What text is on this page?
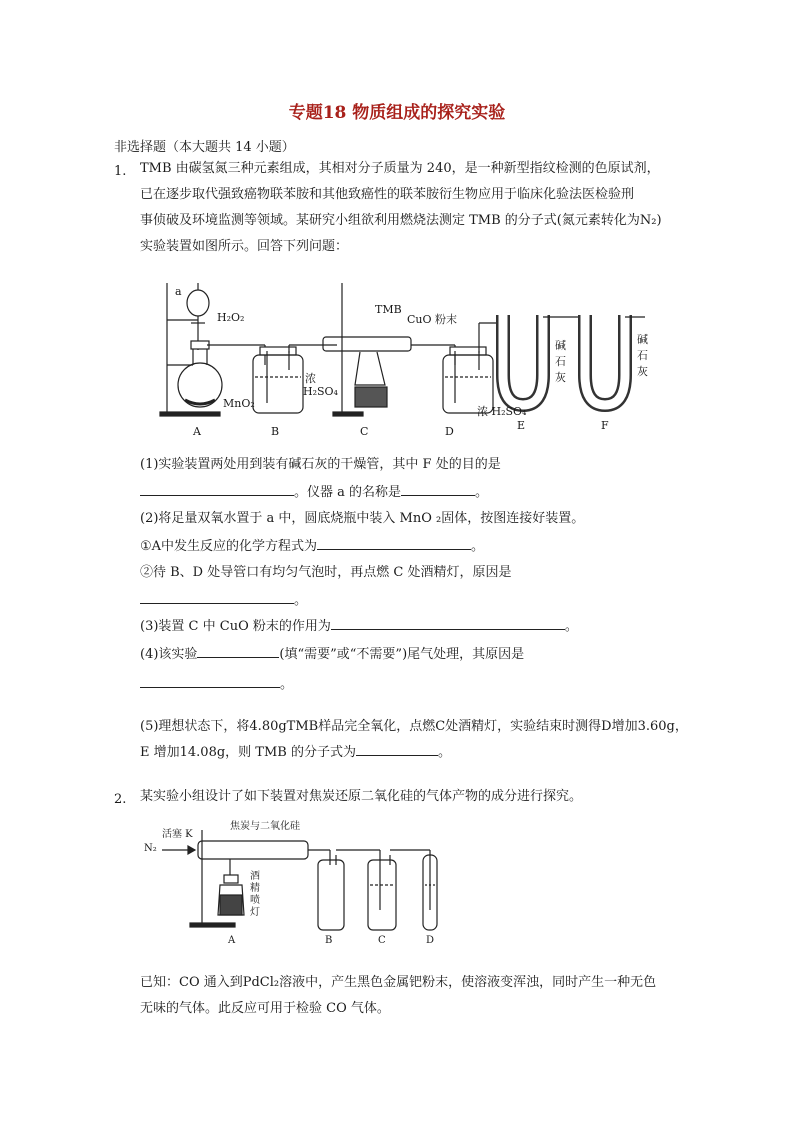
专题18 物质组成的探究实验
非选择题（本大题共 14 小题）
1. TMB 由碳氢氮三种元素组成，其相对分子质量为 240，是一种新型指纹检测的色原试剂，
已在逐步取代强致癌物联苯胺和其他致癌性的联苯胺衍生物应用于临床化验法医检验刑
事侦破及环境监测等领域。某研究小组欲利用燃烧法测定 TMB 的分子式(氮元素转化为N₂)
实验装置如图所示。回答下列问题：
a
H₂O₂
MnO₂
浓
H₂SO₄
TMB
CuO 粉末
浓 H₂SO₄
碱
石
灰
碱
石
灰
A	B	C	D	E	F
(1)实验装置两处用到装有碱石灰的干燥管，其中 F 处的目的是
。仪器 a 的名称是	。
(2)将足量双氧水置于 a 中，圆底烧瓶中装入 MnO ₂固体，按图连接好装置。
①A中发生反应的化学方程式为	。
②待 B、D 处导管口有均匀气泡时，再点燃 C 处酒精灯，原因是
。
(3)装置 C 中 CuO 粉末的作用为	。
(4)该实验	(填“需要”或“不需要”)尾气处理，其原因是
。
(5)理想状态下，将4.80gTMB样品完全氧化，点燃C处酒精灯，实验结束时测得D增加3.60g，
E 增加14.08g，则 TMB 的分子式为	。
2. 某实验小组设计了如下装置对焦炭还原二氧化硅的气体产物的成分进行探究。
活塞 K
焦炭与二氧化硅
N₂
酒
精
喷
灯
A	B	C	D
已知：CO 通入到PdCl₂溶液中，产生黑色金属钯粉末，使溶液变浑浊，同时产生一种无色
无味的气体。此反应可用于检验 CO 气体。
